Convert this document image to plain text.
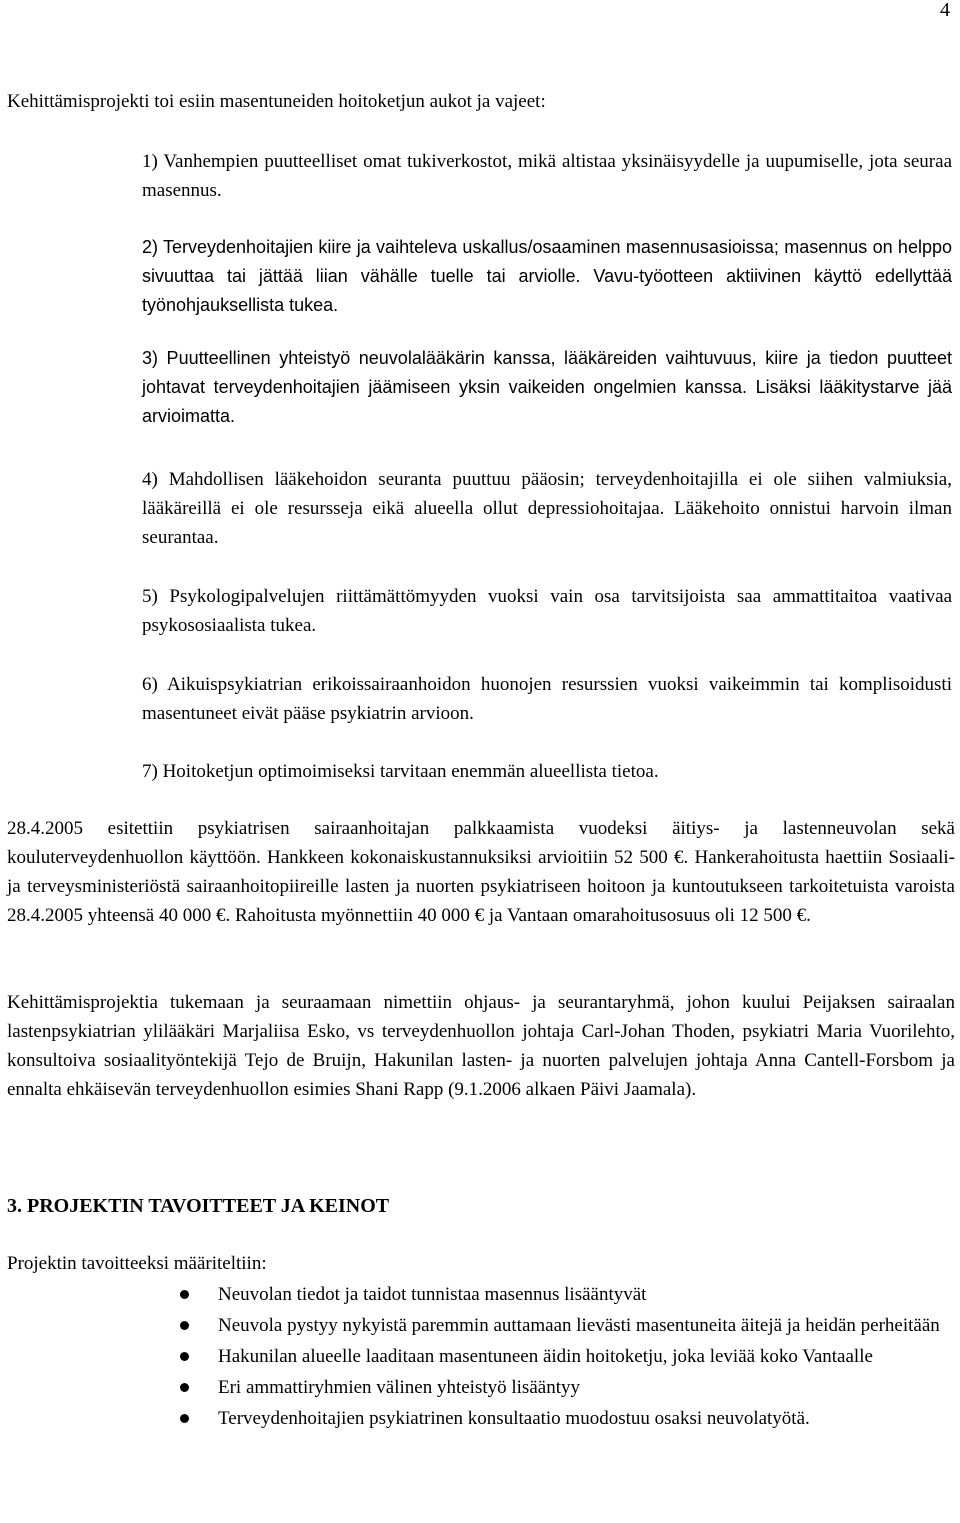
4

Kehittämisprojekti toi esiin masentuneiden hoitoketjun aukot ja vajeet:

1) Vanhempien puutteelliset omat tukiverkostot, mikä altistaa yksinäisyydelle ja uupumiselle, jota seuraa masennus.

2) Terveydenhoitajien kiire ja vaihteleva uskallus/osaaminen masennusasioissa; masennus on helppo sivuuttaa tai jättää liian vähälle tuelle tai arviolle. Vavu-työotteen aktiivinen käyttö edellyttää työnohjauksellista tukea.

3) Puutteellinen yhteistyö neuvolalääkärin kanssa, lääkäreiden vaihtuvuus, kiire ja tiedon puutteet johtavat terveydenhoitajien jäämiseen yksin vaikeiden ongelmien kanssa. Lisäksi lääkitystarve jää arvioimatta.

4) Mahdollisen lääkehoidon seuranta puuttuu pääosin; terveydenhoitajilla ei ole siihen valmiuksia, lääkäreillä ei ole resursseja eikä alueella ollut depressiohoitajaa. Lääkehoito onnistui harvoin ilman seurantaa.

5) Psykologipalvelujen riittämättömyyden vuoksi vain osa tarvitsijoista saa ammattitaitoa vaativaa psykososiaalista tukea.

6) Aikuispsykiatrian erikoissairaanhoidon huonojen resurssien vuoksi vaikeimmin tai komplisoidusti masentuneet eivät pääse psykiatrin arvioon.

7) Hoitoketjun optimoimiseksi tarvitaan enemmän alueellista tietoa.

28.4.2005 esitettiin psykiatrisen sairaanhoitajan palkkaamista vuodeksi äitiys- ja lastenneuvolan sekä kouluterveydenhuollon käyttöön. Hankkeen kokonaiskustannuksiksi arvioitiin 52 500 €. Hankerahoitusta haettiin Sosiaali- ja terveysministeriöstä sairaanhoitopiireille lasten ja nuorten psykiatriseen hoitoon ja kuntoutukseen tarkoitetuista varoista 28.4.2005 yhteensä 40 000 €. Rahoitusta myönnettiin 40 000 € ja Vantaan omarahoitusosuus oli 12 500 €.

Kehittämisprojektia tukemaan ja seuraamaan nimettiin ohjaus- ja seurantaryhmä, johon kuului Peijaksen sairaalan lastenpsykiatrian ylilääkäri Marjaliisa Esko, vs terveydenhuollon johtaja Carl-Johan Thoden, psykiatri Maria Vuorilehto, konsultoiva sosiaalityöntekijä Tejo de Bruijn, Hakunilan lasten- ja nuorten palvelujen johtaja Anna Cantell-Forsbom ja ennalta ehkäisevän terveydenhuollon esimies Shani Rapp (9.1.2006 alkaen Päivi Jaamala).

3. PROJEKTIN TAVOITTEET JA KEINOT
Projektin tavoitteeksi määriteltiin:
Neuvolan tiedot ja taidot tunnistaa masennus lisääntyvät
Neuvola pystyy nykyistä paremmin auttamaan lievästi masentuneita äitejä ja heidän perheitään
Hakunilan alueelle laaditaan masentuneen äidin hoitoketju, joka leviää koko Vantaalle
Eri ammattiryhmien välinen yhteistyö lisääntyy
Terveydenhoitajien psykiatrinen konsultaatio muodostuu osaksi neuvolatyötä.
